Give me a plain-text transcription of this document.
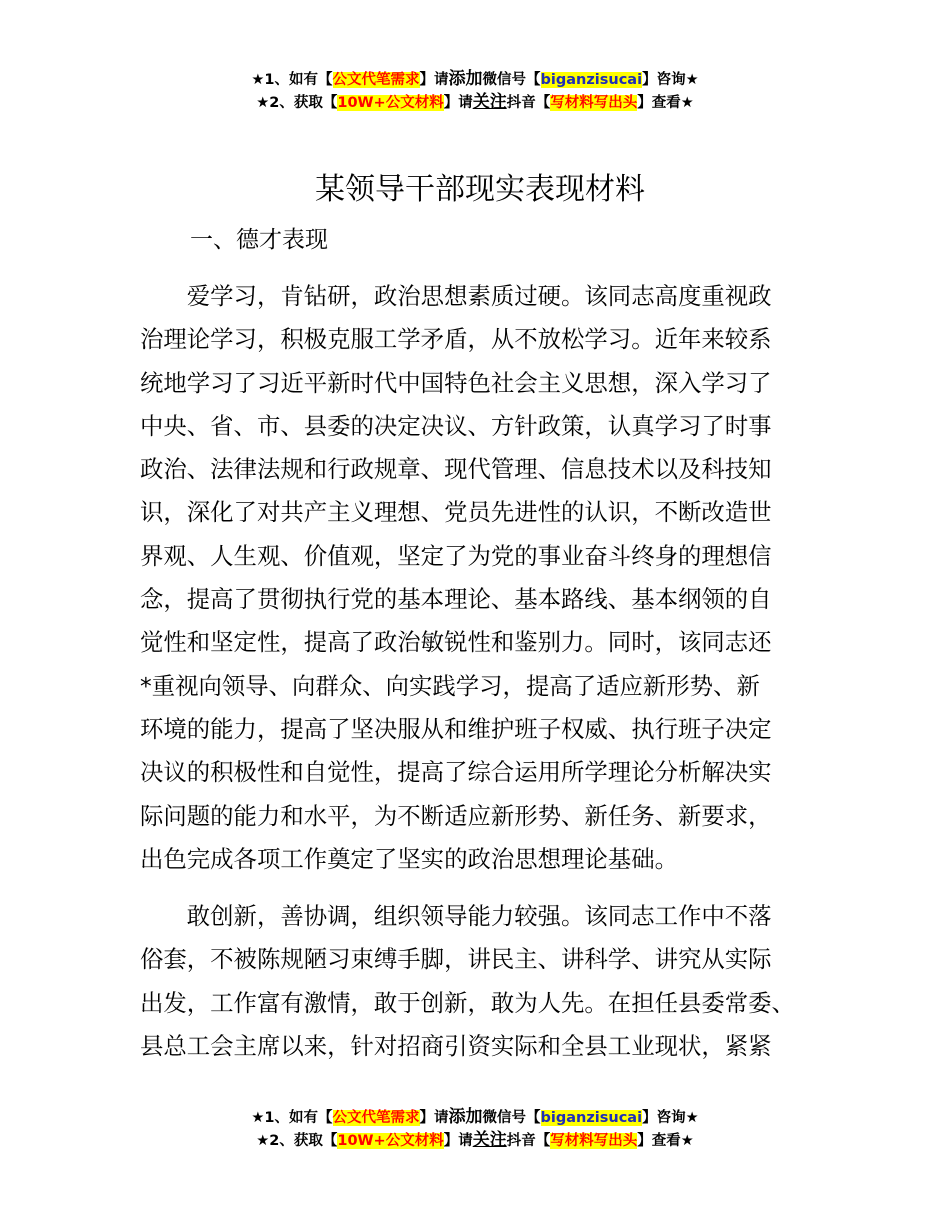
★1、如有【公文代笔需求】请添加微信号【biganzisucai】咨询★
★2、获取【10W+公文材料】请关注抖音【写材料写出头】查看★
某领导干部现实表现材料
一、德才表现

　　爱学习，肯钻研，政治思想素质过硬。该同志高度重视政
治理论学习，积极克服工学矛盾，从不放松学习。近年来较系
统地学习了习近平新时代中国特色社会主义思想，深入学习了
中央、省、市、县委的决定决议、方针政策，认真学习了时事
政治、法律法规和行政规章、现代管理、信息技术以及科技知
识，深化了对共产主义理想、党员先进性的认识，不断改造世
界观、人生观、价值观，坚定了为党的事业奋斗终身的理想信
念，提高了贯彻执行党的基本理论、基本路线、基本纲领的自
觉性和坚定性，提高了政治敏锐性和鉴别力。同时，该同志还
*重视向领导、向群众、向实践学习，提高了适应新形势、新
环境的能力，提高了坚决服从和维护班子权威、执行班子决定
决议的积极性和自觉性，提高了综合运用所学理论分析解决实
际问题的能力和水平，为不断适应新形势、新任务、新要求，
出色完成各项工作奠定了坚实的政治思想理论基础。

　　敢创新，善协调，组织领导能力较强。该同志工作中不落
俗套，不被陈规陋习束缚手脚，讲民主、讲科学、讲究从实际
出发，工作富有激情，敢于创新，敢为人先。在担任县委常委、
县总工会主席以来，针对招商引资实际和全县工业现状，紧紧

★1、如有【公文代笔需求】请添加微信号【biganzisucai】咨询★
★2、获取【10W+公文材料】请关注抖音【写材料写出头】查看★
